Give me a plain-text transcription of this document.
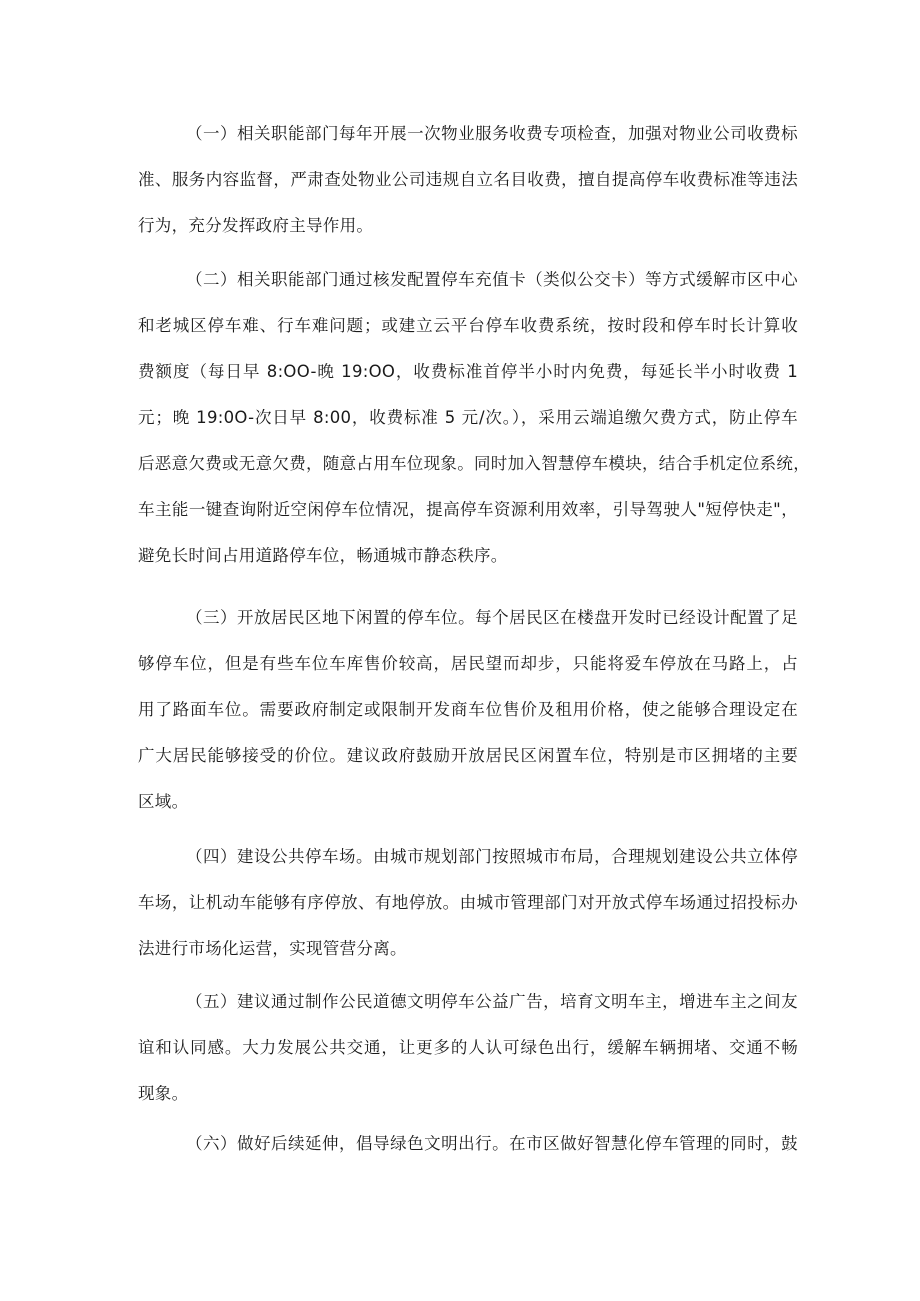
（一）相关职能部门每年开展一次物业服务收费专项检查，加强对物业公司收费标
准、服务内容监督，严肃查处物业公司违规自立名目收费，擅自提高停车收费标准等违法
行为，充分发挥政府主导作用。
（二）相关职能部门通过核发配置停车充值卡（类似公交卡）等方式缓解市区中心
和老城区停车难、行车难问题；或建立云平台停车收费系统，按时段和停车时长计算收
费额度（每日早 8:OO-晚 19:OO，收费标准首停半小时内免费，每延长半小时收费 1
元；晚 19:0O-次日早 8:00，收费标准 5 元/次。），采用云端追缴欠费方式，防止停车
后恶意欠费或无意欠费，随意占用车位现象。同时加入智慧停车模块，结合手机定位系统，
车主能一键查询附近空闲停车位情况，提高停车资源利用效率，引导驾驶人"短停快走"，
避免长时间占用道路停车位，畅通城市静态秩序。
（三）开放居民区地下闲置的停车位。每个居民区在楼盘开发时已经设计配置了足
够停车位，但是有些车位车库售价较高，居民望而却步，只能将爱车停放在马路上，占
用了路面车位。需要政府制定或限制开发商车位售价及租用价格，使之能够合理设定在
广大居民能够接受的价位。建议政府鼓励开放居民区闲置车位，特别是市区拥堵的主要
区域。
（四）建设公共停车场。由城市规划部门按照城市布局，合理规划建设公共立体停
车场，让机动车能够有序停放、有地停放。由城市管理部门对开放式停车场通过招投标办
法进行市场化运营，实现管营分离。
（五）建议通过制作公民道德文明停车公益广告，培育文明车主，增进车主之间友
谊和认同感。大力发展公共交通，让更多的人认可绿色出行，缓解车辆拥堵、交通不畅
现象。
（六）做好后续延伸，倡导绿色文明出行。在市区做好智慧化停车管理的同时，鼓
